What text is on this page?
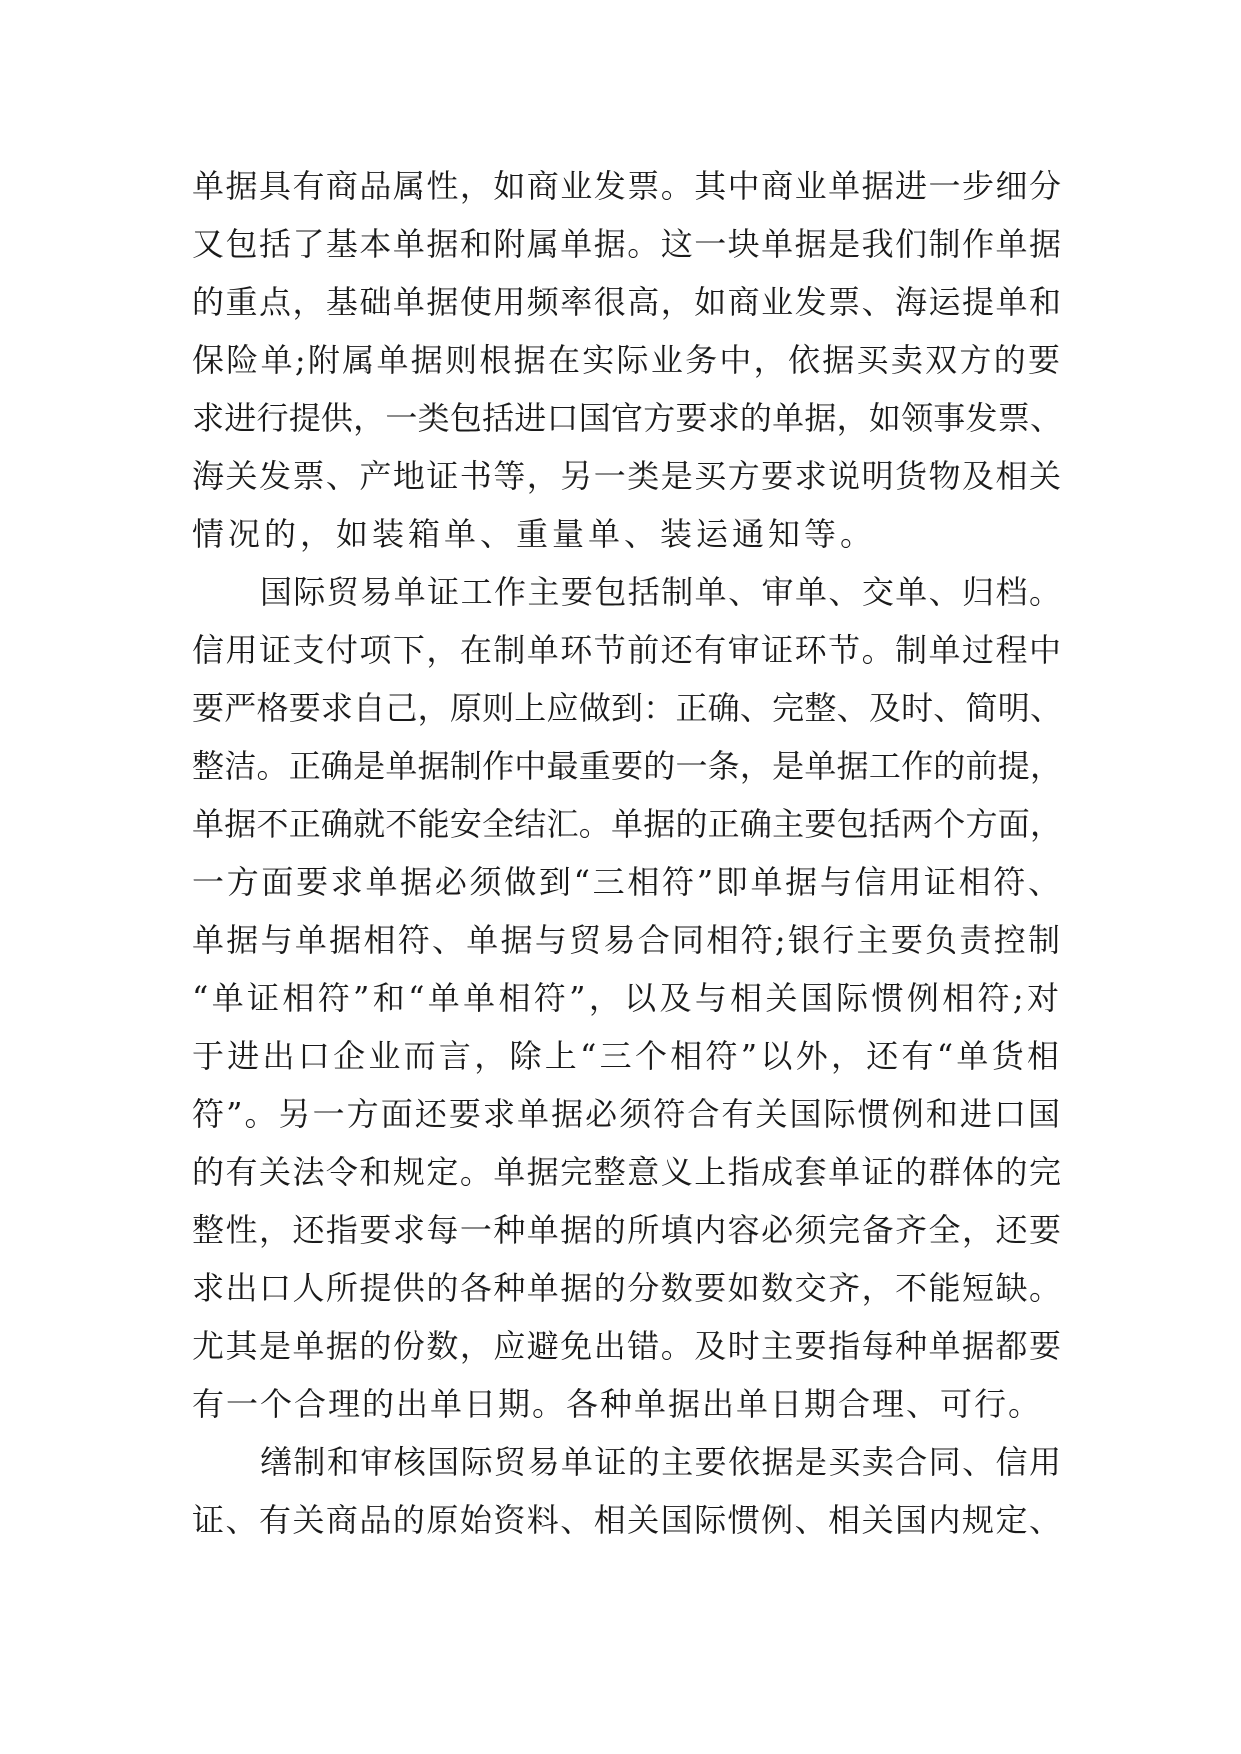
单据具有商品属性，如商业发票。其中商业单据进一步细分
又包括了基本单据和附属单据。这一块单据是我们制作单据
的重点，基础单据使用频率很高，如商业发票、海运提单和
保险单;附属单据则根据在实际业务中，依据买卖双方的要
求进行提供，一类包括进口国官方要求的单据，如领事发票、
海关发票、产地证书等，另一类是买方要求说明货物及相关
情况的，如装箱单、重量单、装运通知等。
国际贸易单证工作主要包括制单、审单、交单、归档。
信用证支付项下，在制单环节前还有审证环节。制单过程中
要严格要求自己，原则上应做到：正确、完整、及时、简明、
整洁。正确是单据制作中最重要的一条，是单据工作的前提，
单据不正确就不能安全结汇。单据的正确主要包括两个方面，
一方面要求单据必须做到“三相符”即单据与信用证相符、
单据与单据相符、单据与贸易合同相符;银行主要负责控制
“单证相符”和“单单相符”，以及与相关国际惯例相符;对
于进出口企业而言，除上“三个相符”以外，还有“单货相
符”。另一方面还要求单据必须符合有关国际惯例和进口国
的有关法令和规定。单据完整意义上指成套单证的群体的完
整性，还指要求每一种单据的所填内容必须完备齐全，还要
求出口人所提供的各种单据的分数要如数交齐，不能短缺。
尤其是单据的份数，应避免出错。及时主要指每种单据都要
有一个合理的出单日期。各种单据出单日期合理、可行。
缮制和审核国际贸易单证的主要依据是买卖合同、信用
证、有关商品的原始资料、相关国际惯例、相关国内规定、
